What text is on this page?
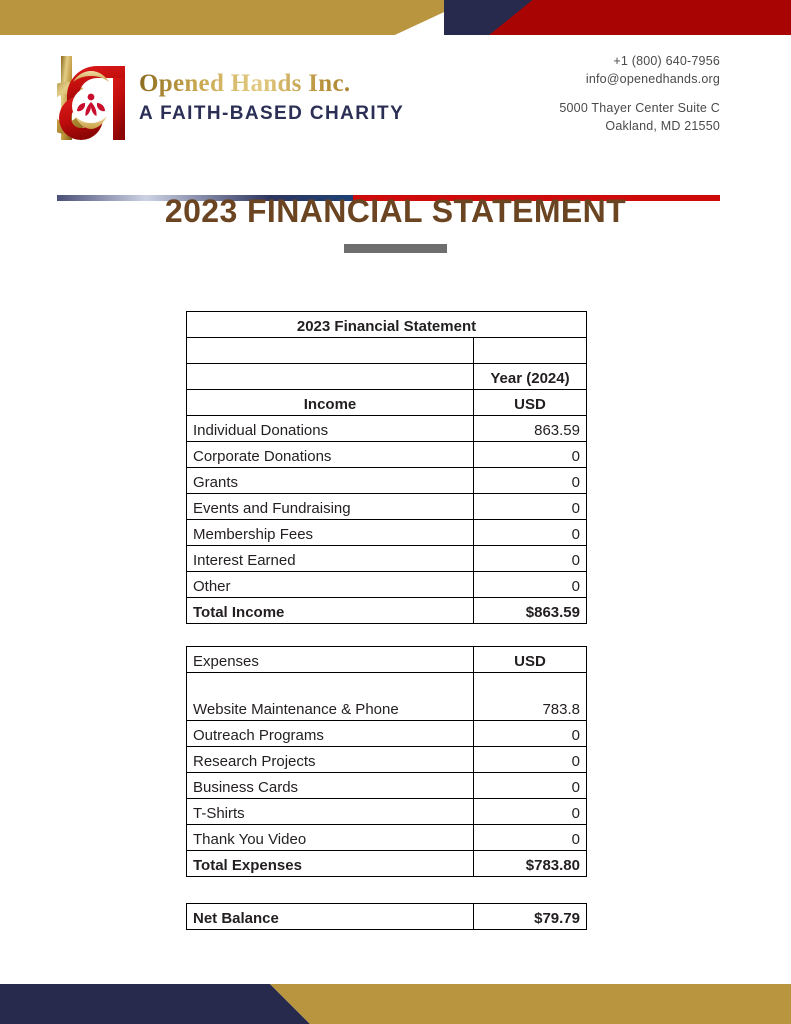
Opened Hands Inc.
A FAITH-BASED CHARITY
+1 (800) 640-7956
info@openedhands.org
5000 Thayer Center Suite C
Oakland, MD 21550
2023 FINANCIAL STATEMENT
2023 Financial Statement	

	Year (2024)
Income	USD
Individual Donations	863.59
Corporate Donations	0
Grants	0
Events and Fundraising	0
Membership Fees	0
Interest Earned	0
Other	0
Total Income	$863.59
Expenses	USD
Website Maintenance & Phone	783.8
Outreach Programs	0
Research Projects	0
Business Cards	0
T-Shirts	0
Thank You Video	0
Total Expenses	$783.80
Net Balance	$79.79
